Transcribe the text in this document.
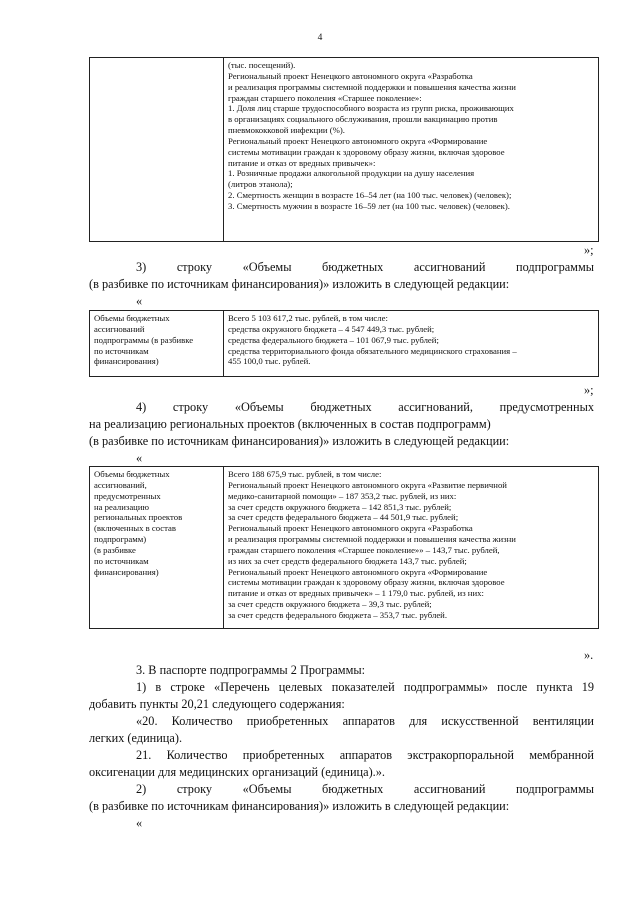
4

(тыс. посещений).
Региональный проект Ненецкого автономного округа «Разработка
и реализация программы системной поддержки и повышения качества жизни
граждан старшего поколения «Старшее поколение»:
1. Доля лиц старше трудоспособного возраста из групп риска, проживающих
в организациях социального обслуживания, прошли вакцинацию против
пневмококковой инфекции (%).
Региональный проект Ненецкого автономного округа «Формирование
системы мотивации граждан к здоровому образу жизни, включая здоровое
питание и отказ от вредных привычек»:
1. Розничные продажи алкогольной продукции на душу населения
(литров этанола);
2. Смертность женщин в возрасте 16–54 лет (на 100 тыс. человек) (человек);
3. Смертность мужчин в возрасте 16–59 лет (на 100 тыс. человек) (человек).
»;
3) строку «Объемы бюджетных ассигнований подпрограммы
(в разбивке по источникам финансирования)» изложить в следующей редакции:
«
Объемы бюджетных
ассигнований
подпрограммы (в разбивке
по источникам
финансирования)

Всего 5 103 617,2 тыс. рублей, в том числе:
средства окружного бюджета – 4 547 449,3 тыс. рублей;
средства федерального бюджета – 101 067,9 тыс. рублей;
средства территориального фонда обязательного медицинского страхования –
455 100,0 тыс. рублей.
»;
4) строку «Объемы бюджетных ассигнований, предусмотренных
на реализацию региональных проектов (включенных в состав подпрограмм)
(в разбивке по источникам финансирования)» изложить в следующей редакции:
«
Объемы бюджетных
ассигнований,
предусмотренных
на реализацию
региональных проектов
(включенных в состав
подпрограмм)
(в разбивке
по источникам
финансирования)

Всего 188 675,9 тыс. рублей, в том числе:
Региональный проект Ненецкого автономного округа «Развитие первичной
медико-санитарной помощи» – 187 353,2 тыс. рублей, из них:
за счет средств окружного бюджета – 142 851,3 тыс. рублей;
за счет средств федерального бюджета – 44 501,9 тыс. рублей;
Региональный проект Ненецкого автономного округа «Разработка
и реализация программы системной поддержки и повышения качества жизни
граждан старшего поколения «Старшее поколение»» – 143,7 тыс. рублей,
из них за счет средств федерального бюджета 143,7 тыс. рублей;
Региональный проект Ненецкого автономного округа «Формирование
системы мотивации граждан к здоровому образу жизни, включая здоровое
питание и отказ от вредных привычек» – 1 179,0 тыс. рублей, из них:
за счет средств окружного бюджета – 39,3 тыс. рублей;
за счет средств федерального бюджета – 353,7 тыс. рублей.
».
3. В паспорте подпрограммы 2 Программы:
1) в строке «Перечень целевых показателей подпрограммы» после пункта 19
добавить пункты 20,21 следующего содержания:
«20. Количество приобретенных аппаратов для искусственной вентиляции
легких (единица).
21. Количество приобретенных аппаратов экстракорпоральной мембранной
оксигенации для медицинских организаций (единица).».
2) строку «Объемы бюджетных ассигнований подпрограммы
(в разбивке по источникам финансирования)» изложить в следующей редакции:
«
